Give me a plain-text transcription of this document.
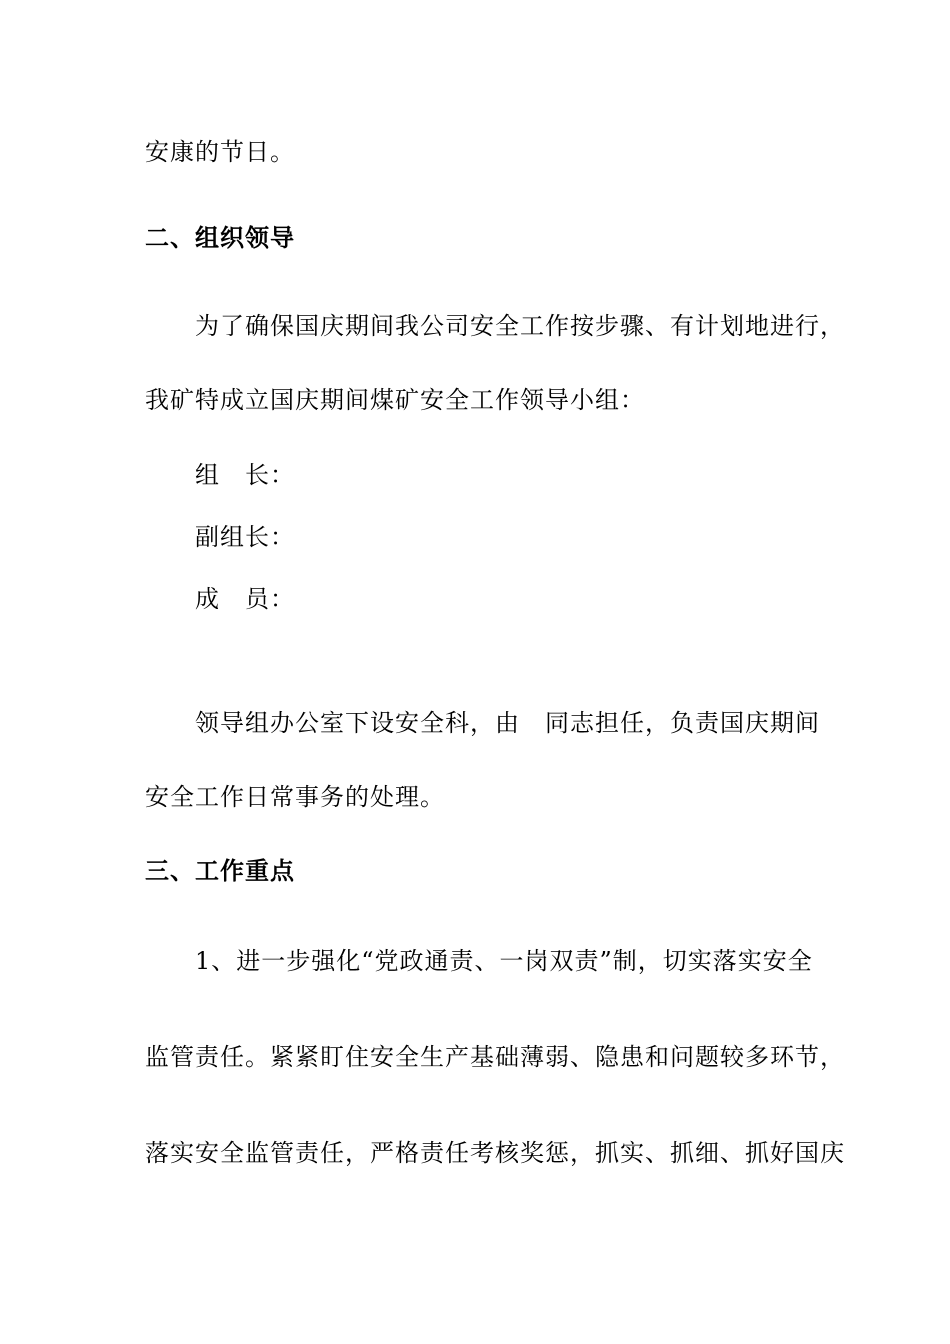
安康的节日。
二、组织领导
为了确保国庆期间我公司安全工作按步骤、有计划地进行，
我矿特成立国庆期间煤矿安全工作领导小组：
组　长：
副组长：
成　员：
领导组办公室下设安全科，由　同志担任，负责国庆期间
安全工作日常事务的处理。
三、工作重点
1、进一步强化“党政通责、一岗双责”制，切实落实安全
监管责任。紧紧盯住安全生产基础薄弱、隐患和问题较多环节，
落实安全监管责任，严格责任考核奖惩，抓实、抓细、抓好国庆
